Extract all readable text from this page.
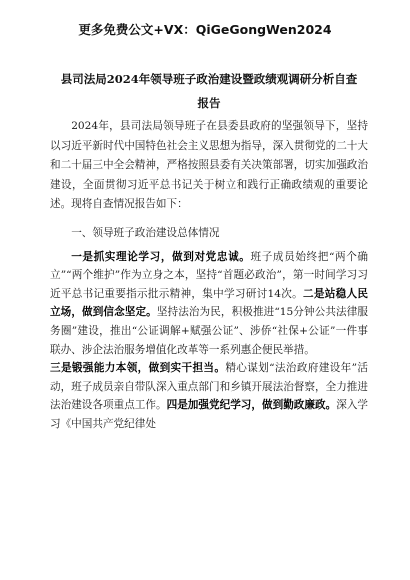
更多免费公文+VX：QiGeGongWen2024
县司法局2024年领导班子政治建设暨政绩观调研分析自查
报告

2024年，县司法局领导班子在县委县政府的坚强领导下，坚持以习近平新时代中国特色社会主义思想为指导，深入贯彻党的二十大和二十届三中全会精神，严格按照县委有关决策部署，切实加强政治建设，全面贯彻习近平总书记关于树立和践行正确政绩观的重要论述。现将自查情况报告如下：

一、领导班子政治建设总体情况

一是抓实理论学习，做到对党忠诚。班子成员始终把“两个确立”“两个维护”作为立身之本，坚持“首题必政治”，第一时间学习习近平总书记重要指示批示精神，集中学习研讨14次。二是站稳人民立场，做到信念坚定。坚持法治为民，积极推进“15分钟公共法律服务圈”建设，推出“公证调解+赋强公证”、涉侨“社保+公证”一件事联办、涉企法治服务增值化改革等一系列惠企便民举措。

三是锻强能力本领，做到实干担当。精心谋划“法治政府建设年”活动，班子成员亲自带队深入重点部门和乡镇开展法治督察，全力推进法治建设各项重点工作。四是加强党纪学习，做到勤政廉政。深入学习《中国共产党纪律处
